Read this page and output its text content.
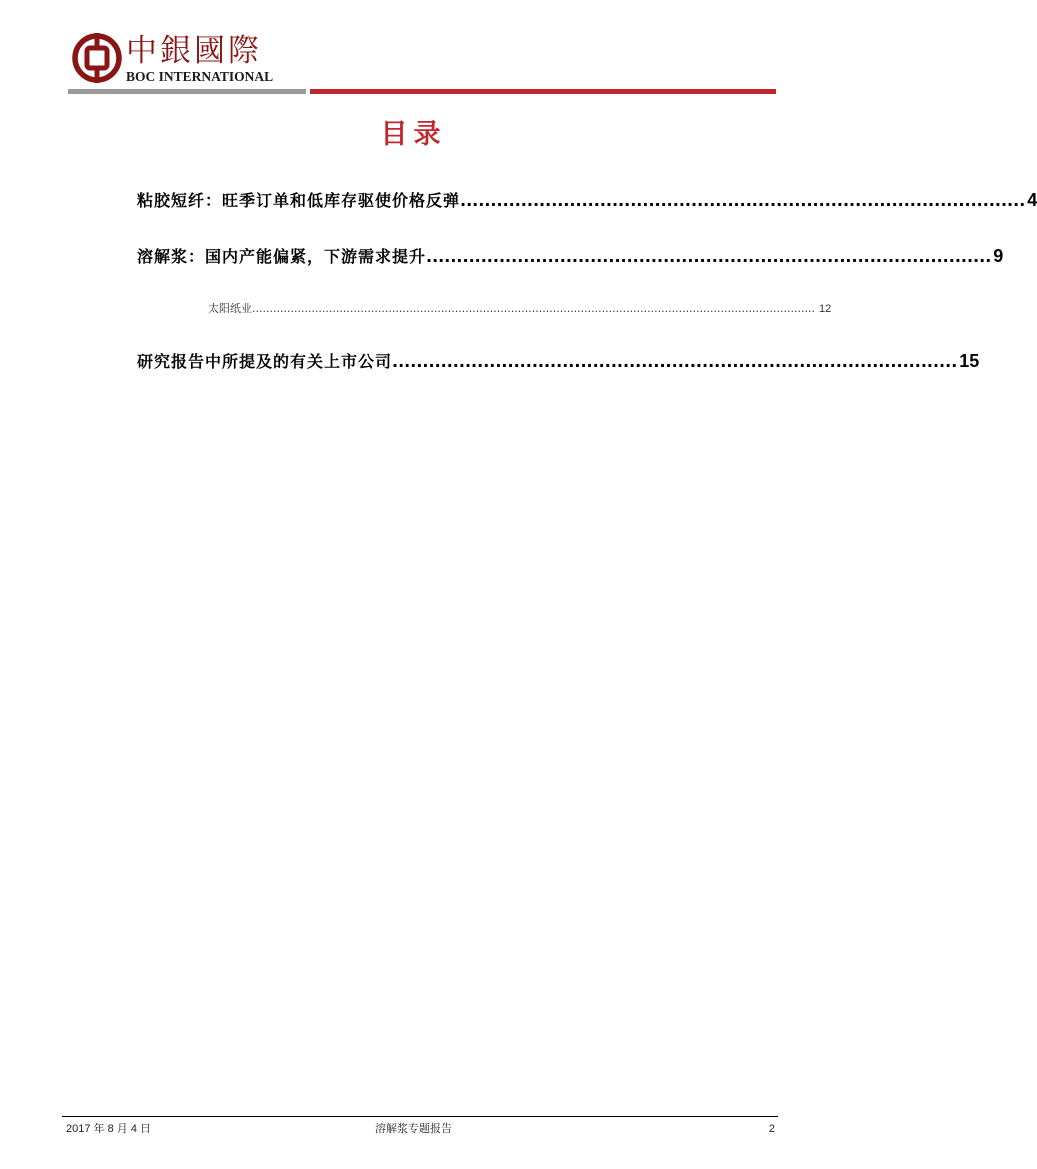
中銀國際
BOC INTERNATIONAL
目录
粘胶短纤：旺季订单和低库存驱使价格反弹 ............................................................................................. 4
溶解浆：国内产能偏紧，下游需求提升 ............................................................................................. 9
太阳纸业 ................................................................................................................................................................. 12
研究报告中所提及的有关上市公司 ............................................................................................. 15
2017 年 8 月 4 日	溶解浆专题报告	2
